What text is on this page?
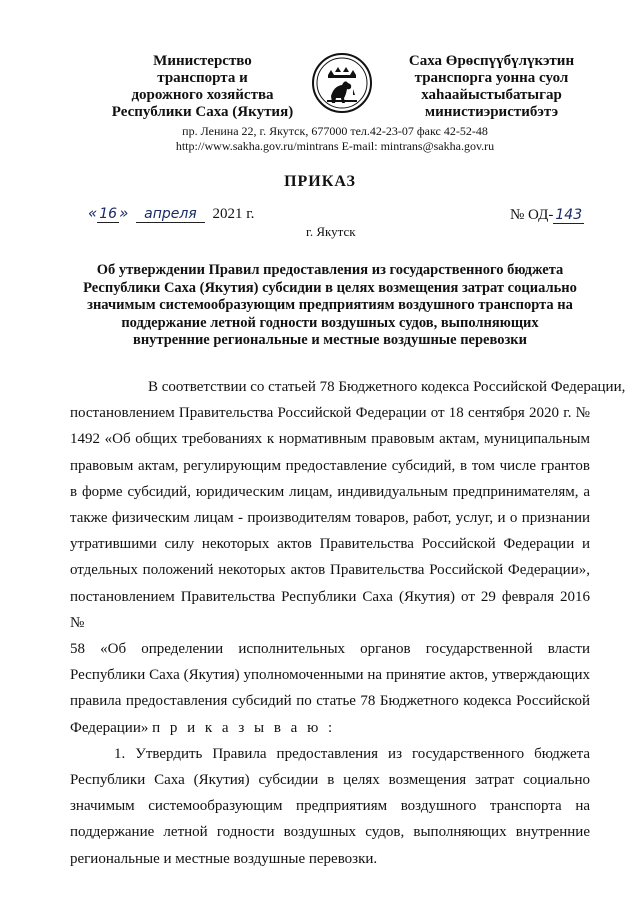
Министерство
транспорта и
дорожного хозяйства
Республики Саха (Якутия)
Саха Өрөспүүбүлүкэтин
транспорга уонна суол
хаһаайыстыбатыгар
министиэристибэтэ
пр. Ленина 22, г. Якутск, 677000 тел.42-23-07 факс 42-52-48
http://www.sakha.gov.ru/mintrans E-mail: mintrans@sakha.gov.ru
ПРИКАЗ
« 16 » апреля 2021 г.
г. Якутск
№ ОД- 143
Об утверждении Правил предоставления из государственного бюджета
Республики Саха (Якутия) субсидии в целях возмещения затрат социально
значимым системообразующим предприятиям воздушного транспорта на
поддержание летной годности воздушных судов, выполняющих
внутренние региональные и местные воздушные перевозки
В соответствии со статьей 78 Бюджетного кодекса Российской Федерации,
постановлением Правительства Российской Федерации от 18 сентября 2020 г. №
1492 «Об общих требованиях к нормативным правовым актам, муниципальным
правовым актам, регулирующим предоставление субсидий, в том числе грантов
в форме субсидий, юридическим лицам, индивидуальным предпринимателям, а
также физическим лицам - производителям товаров, работ, услуг, и о признании
утратившими силу некоторых актов Правительства Российской Федерации и
отдельных положений некоторых актов Правительства Российской Федерации»,
постановлением Правительства Республики Саха (Якутия) от 29 февраля 2016 №
58 «Об определении исполнительных органов государственной власти
Республики Саха (Якутия) уполномоченными на принятие актов, утверждающих
правила предоставления субсидий по статье 78 Бюджетного кодекса Российской
Федерации» п р и к а з ы в а ю :
1. Утвердить Правила предоставления из государственного бюджета
Республики Саха (Якутия) субсидии в целях возмещения затрат социально
значимым системообразующим предприятиям воздушного транспорта на
поддержание летной годности воздушных судов, выполняющих внутренние
региональные и местные воздушные перевозки.
